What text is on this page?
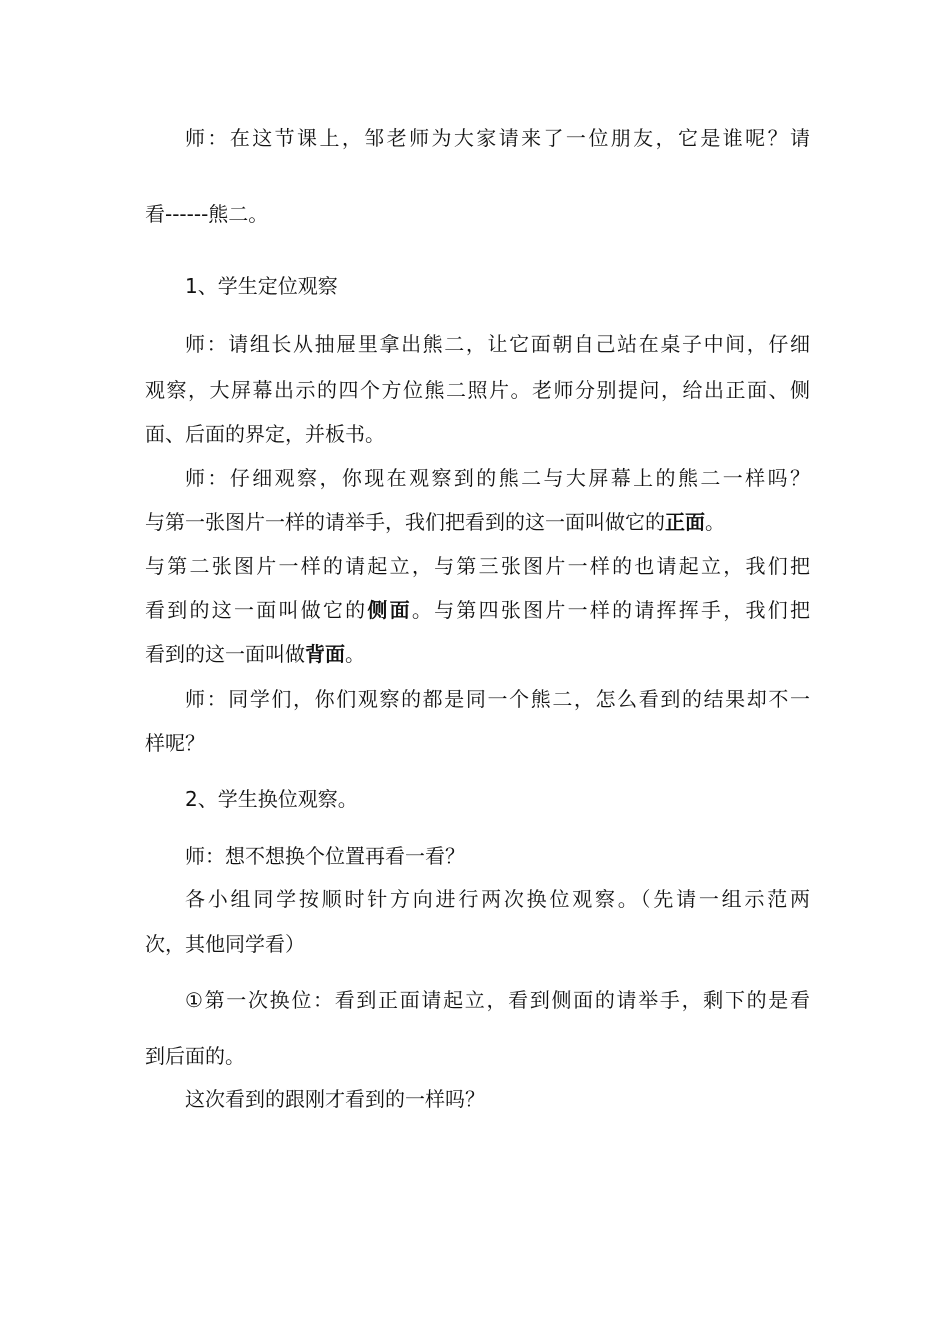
师：在这节课上，邹老师为大家请来了一位朋友，它是谁呢？请
看------熊二。
1、学生定位观察
师：请组长从抽屉里拿出熊二，让它面朝自己站在桌子中间，仔细
观察，大屏幕出示的四个方位熊二照片。老师分别提问，给出正面、侧
面、后面的界定，并板书。
师：仔细观察，你现在观察到的熊二与大屏幕上的熊二一样吗？
与第一张图片一样的请举手，我们把看到的这一面叫做它的正面。
与第二张图片一样的请起立，与第三张图片一样的也请起立，我们把
看到的这一面叫做它的侧面。与第四张图片一样的请挥挥手，我们把
看到的这一面叫做背面。
师：同学们，你们观察的都是同一个熊二，怎么看到的结果却不一
样呢？
2、学生换位观察。
师：想不想换个位置再看一看？
各小组同学按顺时针方向进行两次换位观察。（先请一组示范两
次，其他同学看）
①第一次换位：看到正面请起立，看到侧面的请举手，剩下的是看
到后面的。
这次看到的跟刚才看到的一样吗？
